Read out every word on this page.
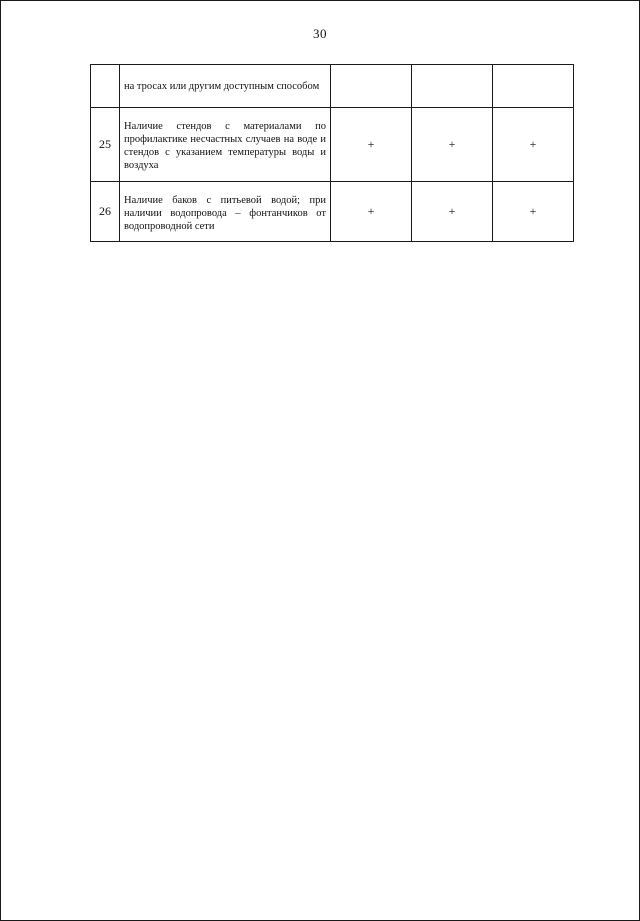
30
	на тросах или другим доступным способом			
25	Наличие стендов с материалами по профилактике несчастных случаев на воде и стендов с указанием температуры воды и воздуха	+	+	+
26	Наличие баков с питьевой водой; при наличии водопровода – фонтанчиков от водопроводной сети	+	+	+
